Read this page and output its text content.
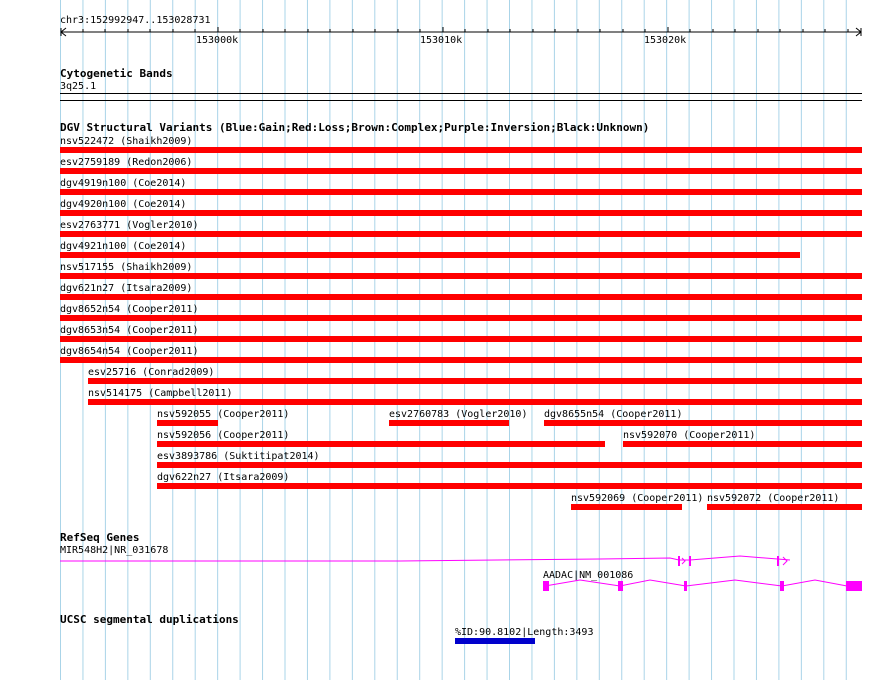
chr3:152992947..153028731
153000k	153010k	153020k
Cytogenetic Bands
3q25.1
DGV Structural Variants (Blue:Gain;Red:Loss;Brown:Complex;Purple:Inversion;Black:Unknown)
nsv522472 (Shaikh2009)
esv2759189 (Redon2006)
dgv4919n100 (Coe2014)
dgv4920n100 (Coe2014)
esv2763771 (Vogler2010)
dgv4921n100 (Coe2014)
nsv517155 (Shaikh2009)
dgv621n27 (Itsara2009)
dgv8652n54 (Cooper2011)
dgv8653n54 (Cooper2011)
dgv8654n54 (Cooper2011)
esv25716 (Conrad2009)
nsv514175 (Campbell2011)
nsv592055 (Cooper2011)	esv2760783 (Vogler2010) dgv8655n54 (Cooper2011)
nsv592056 (Cooper2011)	nsv592070 (Cooper2011)
esv3893786 (Suktitipat2014)
dgv622n27 (Itsara2009)
nsv592069 (Cooper2011) nsv592072 (Cooper2011)
RefSeq Genes
MIR548H2|NR_031678
AADAC|NM_001086
UCSC segmental duplications
%ID:90.8102|Length:3493
